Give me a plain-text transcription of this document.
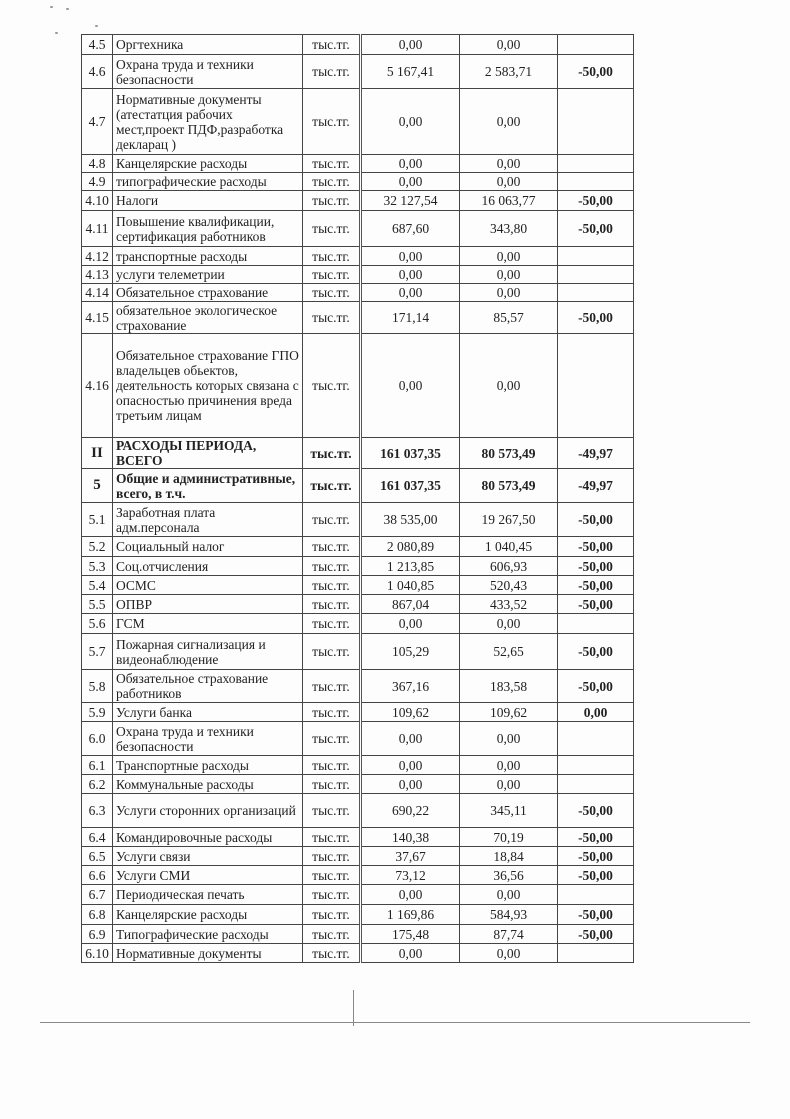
4.5	Оргтехника	тыс.тг.	0,00	0,00	
4.6	Охрана труда и техники безопасности	тыс.тг.	5 167,41	2 583,71	-50,00
4.7	Нормативные документы (атестатция рабочих мест,проект ПДФ,разработка декларац )	тыс.тг.	0,00	0,00	
4.8	Канцелярские расходы	тыс.тг.	0,00	0,00	
4.9	типографические расходы	тыс.тг.	0,00	0,00	
4.10	Налоги	тыс.тг.	32 127,54	16 063,77	-50,00
4.11	Повышение квалификации, сертификация работников	тыс.тг.	687,60	343,80	-50,00
4.12	транспортные расходы	тыс.тг.	0,00	0,00	
4.13	услуги телеметрии	тыс.тг.	0,00	0,00	
4.14	Обязательное страхование	тыс.тг.	0,00	0,00	
4.15	обязательное экологическое страхование	тыс.тг.	171,14	85,57	-50,00
4.16	Обязательное страхование ГПО владельцев обьектов, деятельность которых связана с опасностью причинения вреда третьим лицам	тыс.тг.	0,00	0,00	
II	РАСХОДЫ ПЕРИОДА, ВСЕГО	тыс.тг.	161 037,35	80 573,49	-49,97
5	Общие и административные, всего, в т.ч.	тыс.тг.	161 037,35	80 573,49	-49,97
5.1	Заработная плата адм.персонала	тыс.тг.	38 535,00	19 267,50	-50,00
5.2	Социальный налог	тыс.тг.	2 080,89	1 040,45	-50,00
5.3	Соц.отчисления	тыс.тг.	1 213,85	606,93	-50,00
5.4	ОСМС	тыс.тг.	1 040,85	520,43	-50,00
5.5	ОПВР	тыс.тг.	867,04	433,52	-50,00
5.6	ГСМ	тыс.тг.	0,00	0,00	
5.7	Пожарная сигнализация и видеонаблюдение	тыс.тг.	105,29	52,65	-50,00
5.8	Обязательное страхование работников	тыс.тг.	367,16	183,58	-50,00
5.9	Услуги банка	тыс.тг.	109,62	109,62	0,00
6.0	Охрана труда и техники безопасности	тыс.тг.	0,00	0,00	
6.1	Транспортные расходы	тыс.тг.	0,00	0,00	
6.2	Коммунальные расходы	тыс.тг.	0,00	0,00	
6.3	Услуги сторонних организаций	тыс.тг.	690,22	345,11	-50,00
6.4	Командировочные расходы	тыс.тг.	140,38	70,19	-50,00
6.5	Услуги связи	тыс.тг.	37,67	18,84	-50,00
6.6	Услуги СМИ	тыс.тг.	73,12	36,56	-50,00
6.7	Периодическая печать	тыс.тг.	0,00	0,00	
6.8	Канцелярские расходы	тыс.тг.	1 169,86	584,93	-50,00
6.9	Типографические расходы	тыс.тг.	175,48	87,74	-50,00
6.10	Нормативные документы	тыс.тг.	0,00	0,00	
